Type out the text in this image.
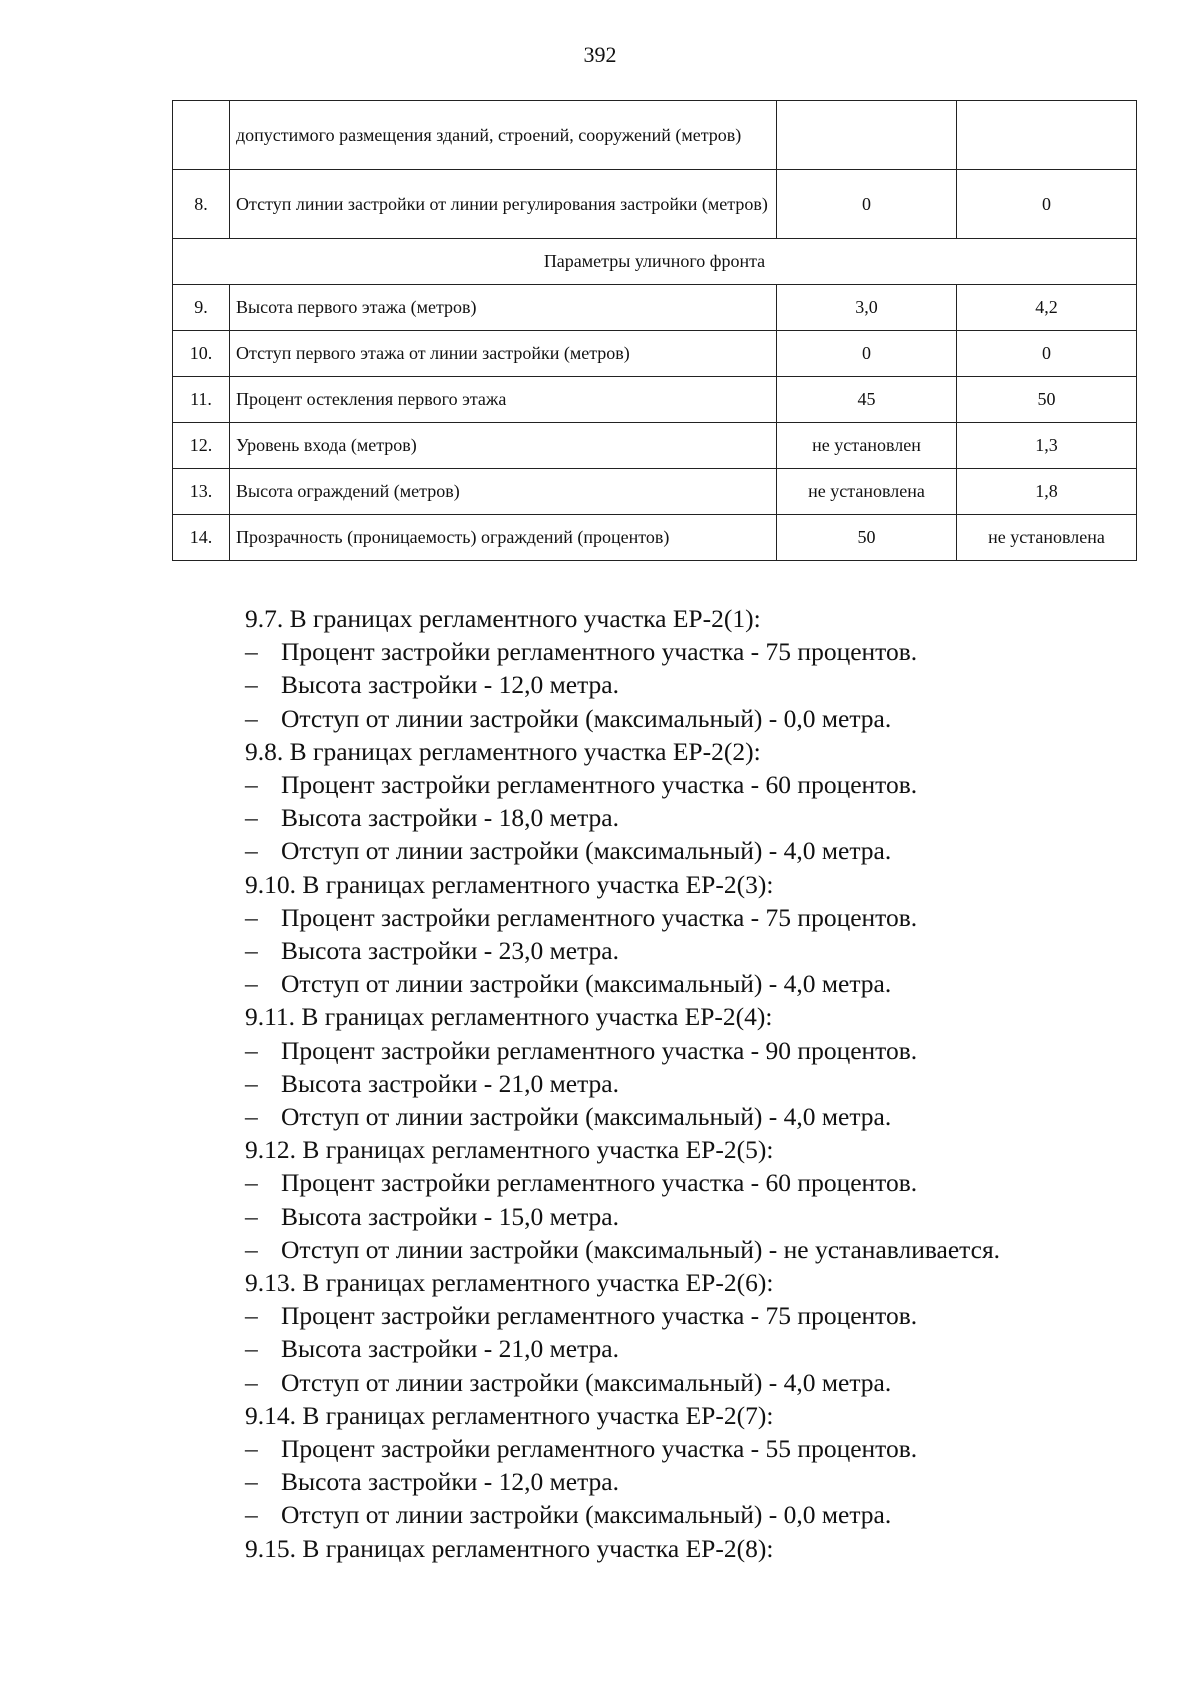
392
	допустимого размещения зданий, строений, сооружений (метров)		
8.	Отступ линии застройки от линии регулирования застройки (метров)	0	0
Параметры уличного фронта			
9.	Высота первого этажа (метров)	3,0	4,2
10.	Отступ первого этажа от линии застройки (метров)	0	0
11.	Процент остекления первого этажа	45	50
12.	Уровень входа (метров)	не установлен	1,3
13.	Высота ограждений (метров)	не установлена	1,8
14.	Прозрачность (проницаемость) ограждений (процентов)	50	не установлена
9.7. В границах регламентного участка ЕР-2(1):
– Процент застройки регламентного участка - 75 процентов.
– Высота застройки - 12,0 метра.
– Отступ от линии застройки (максимальный) - 0,0 метра.
9.8. В границах регламентного участка ЕР-2(2):
– Процент застройки регламентного участка - 60 процентов.
– Высота застройки - 18,0 метра.
– Отступ от линии застройки (максимальный) - 4,0 метра.
9.10. В границах регламентного участка ЕР-2(3):
– Процент застройки регламентного участка - 75 процентов.
– Высота застройки - 23,0 метра.
– Отступ от линии застройки (максимальный) - 4,0 метра.
9.11. В границах регламентного участка ЕР-2(4):
– Процент застройки регламентного участка - 90 процентов.
– Высота застройки - 21,0 метра.
– Отступ от линии застройки (максимальный) - 4,0 метра.
9.12. В границах регламентного участка ЕР-2(5):
– Процент застройки регламентного участка - 60 процентов.
– Высота застройки - 15,0 метра.
– Отступ от линии застройки (максимальный) - не устанавливается.
9.13. В границах регламентного участка ЕР-2(6):
– Процент застройки регламентного участка - 75 процентов.
– Высота застройки - 21,0 метра.
– Отступ от линии застройки (максимальный) - 4,0 метра.
9.14. В границах регламентного участка ЕР-2(7):
– Процент застройки регламентного участка - 55 процентов.
– Высота застройки - 12,0 метра.
– Отступ от линии застройки (максимальный) - 0,0 метра.
9.15. В границах регламентного участка ЕР-2(8):
